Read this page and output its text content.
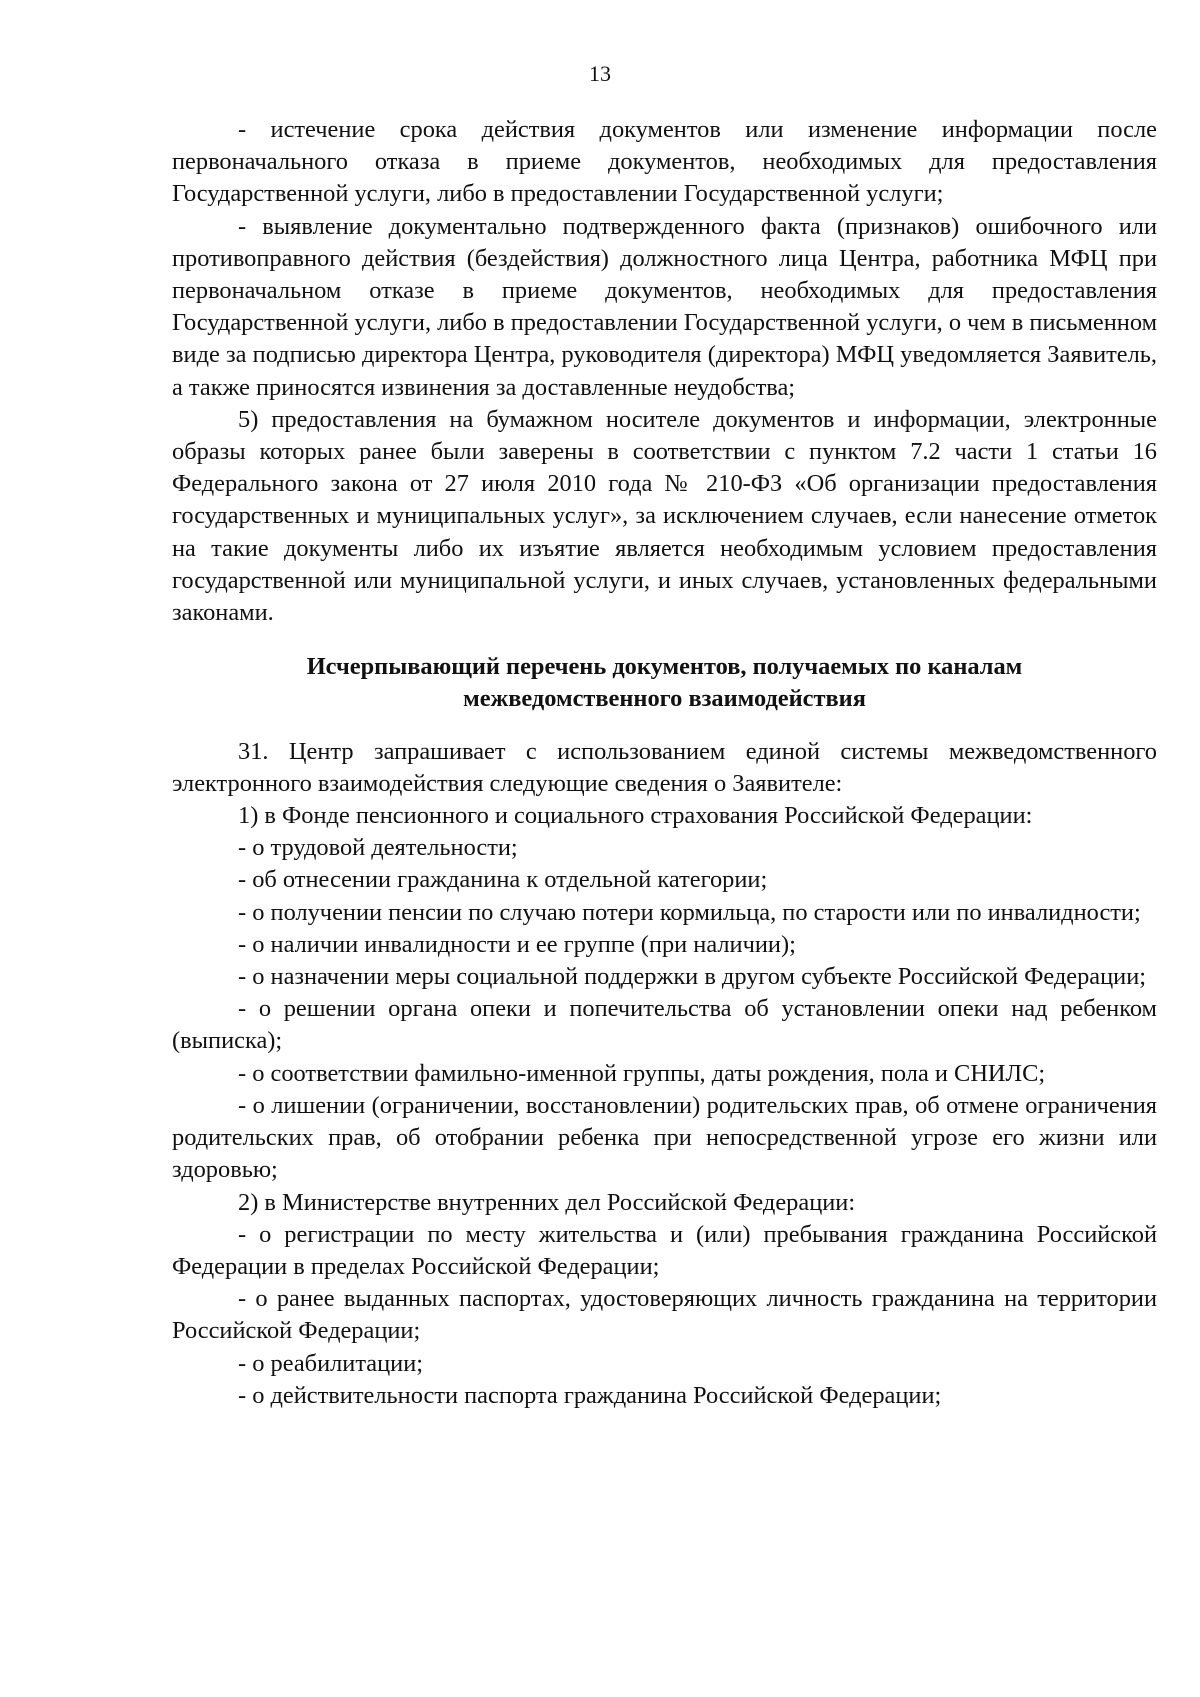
13

- истечение срока действия документов или изменение информации после первоначального отказа в приеме документов, необходимых для предоставления Государственной услуги, либо в предоставлении Государственной услуги;

- выявление документально подтвержденного факта (признаков) ошибочного или противоправного действия (бездействия) должностного лица Центра, работника МФЦ при первоначальном отказе в приеме документов, необходимых для предоставления Государственной услуги, либо в предоставлении Государственной услуги, о чем в письменном виде за подписью директора Центра, руководителя (директора) МФЦ уведомляется Заявитель, а также приносятся извинения за доставленные неудобства;

5) предоставления на бумажном носителе документов и информации, электронные образы которых ранее были заверены в соответствии с пунктом 7.2 части 1 статьи 16 Федерального закона от 27 июля 2010 года № 210-ФЗ «Об организации предоставления государственных и муниципальных услуг», за исключением случаев, если нанесение отметок на такие документы либо их изъятие является необходимым условием предоставления государственной или муниципальной услуги, и иных случаев, установленных федеральными законами.

Исчерпывающий перечень документов, получаемых по каналам
межведомственного взаимодействия

31. Центр запрашивает с использованием единой системы межведомственного электронного взаимодействия следующие сведения о Заявителе:

1) в Фонде пенсионного и социального страхования Российской Федерации:

- о трудовой деятельности;

- об отнесении гражданина к отдельной категории;

- о получении пенсии по случаю потери кормильца, по старости или по инвалидности;

- о наличии инвалидности и ее группе (при наличии);

- о назначении меры социальной поддержки в другом субъекте Российской Федерации;

- о решении органа опеки и попечительства об установлении опеки над ребенком (выписка);

- о соответствии фамильно-именной группы, даты рождения, пола и СНИЛС;

- о лишении (ограничении, восстановлении) родительских прав, об отмене ограничения родительских прав, об отобрании ребенка при непосредственной угрозе его жизни или здоровью;

2) в Министерстве внутренних дел Российской Федерации:

- о регистрации по месту жительства и (или) пребывания гражданина Российской Федерации в пределах Российской Федерации;

- о ранее выданных паспортах, удостоверяющих личность гражданина на территории Российской Федерации;

- о реабилитации;

- о действительности паспорта гражданина Российской Федерации;
